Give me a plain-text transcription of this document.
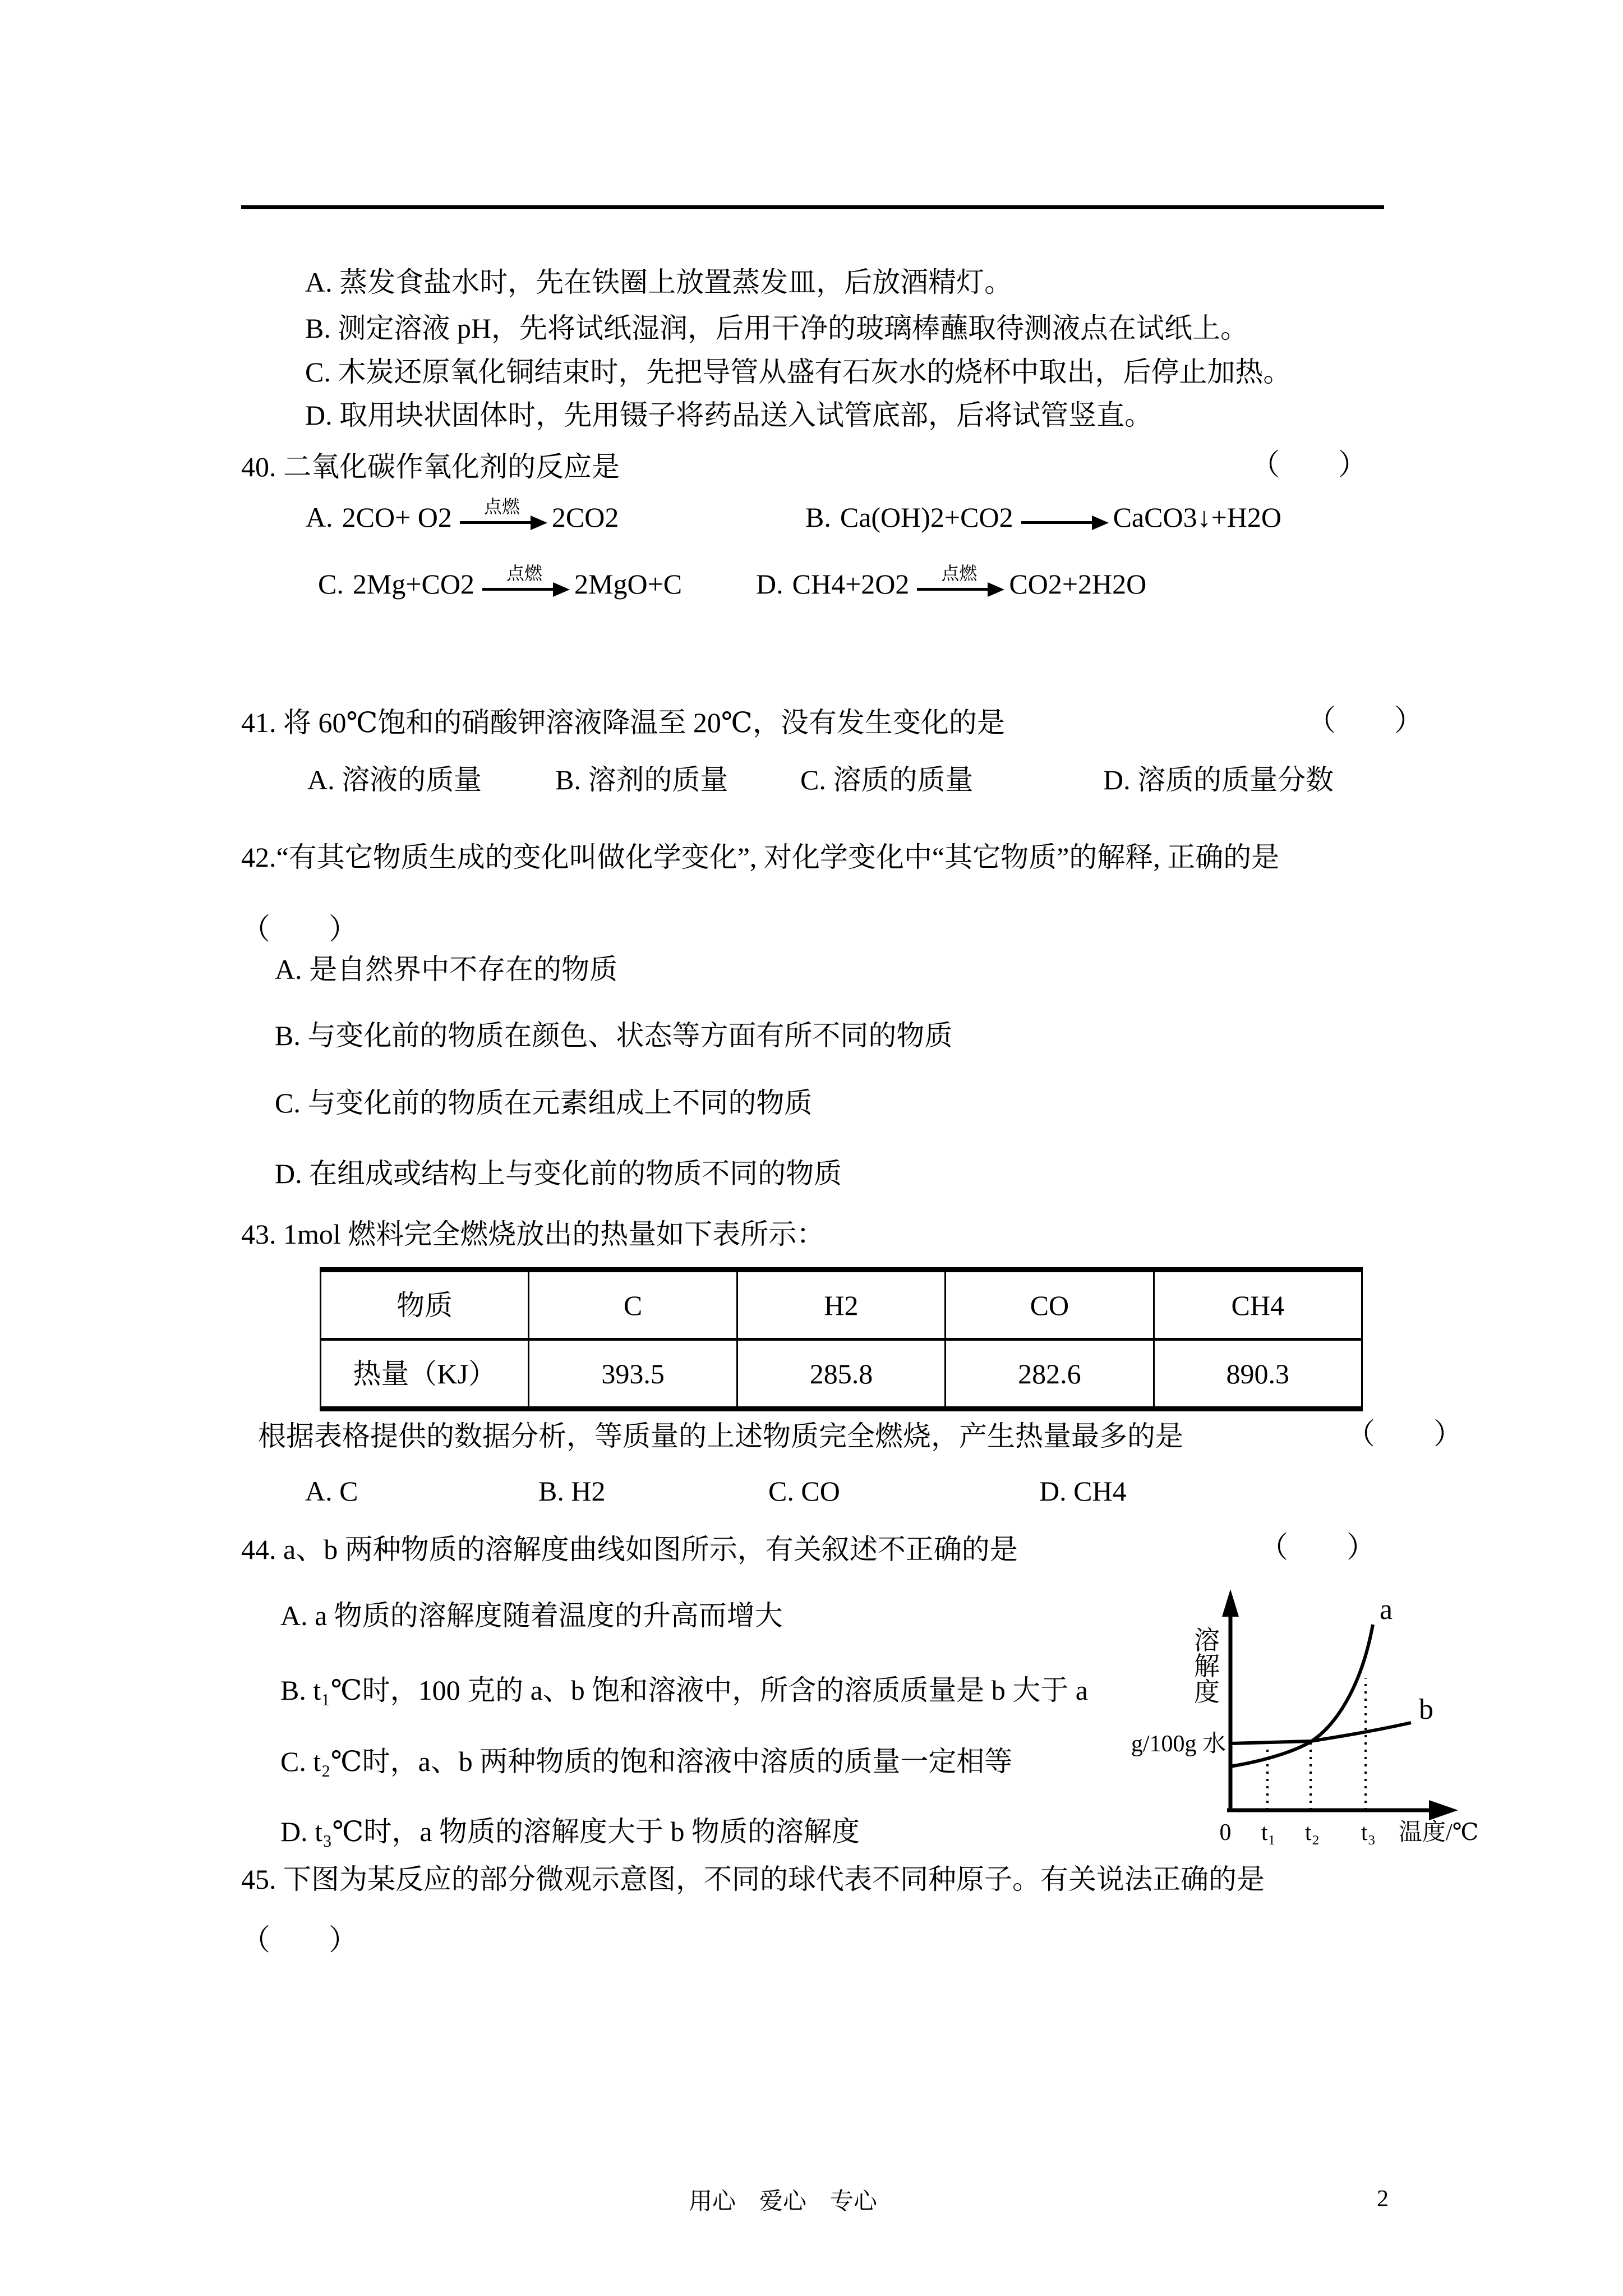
A. 蒸发食盐水时，先在铁圈上放置蒸发皿，后放酒精灯。
B. 测定溶液 pH，先将试纸湿润，后用干净的玻璃棒蘸取待测液点在试纸上。
C. 木炭还原氧化铜结束时，先把导管从盛有石灰水的烧杯中取出，后停止加热。
D. 取用块状固体时，先用镊子将药品送入试管底部，后将试管竖直。
40. 二氧化碳作氧化剂的反应是	（　　）
A. 2CO+ O2 点燃 2CO2	B. Ca(OH)2+CO2	CaCO3↓+H2O
C. 2Mg+CO2 点燃 2MgO+C	D. CH4+2O2 点燃 CO2+2H2O
41. 将 60℃饱和的硝酸钾溶液降温至 20℃，没有发生变化的是	（　　）
A. 溶液的质量	B. 溶剂的质量	C. 溶质的质量	D. 溶质的质量分数
42.“有其它物质生成的变化叫做化学变化”, 对化学变化中“其它物质”的解释, 正确的是
（　　）
A. 是自然界中不存在的物质
B. 与变化前的物质在颜色、状态等方面有所不同的物质
C. 与变化前的物质在元素组成上不同的物质
D. 在组成或结构上与变化前的物质不同的物质
43. 1mol 燃料完全燃烧放出的热量如下表所示：
物质	C	H2	CO	CH4
热量（KJ）	393.5	285.8	282.6	890.3
根据表格提供的数据分析，等质量的上述物质完全燃烧，产生热量最多的是	（　　）
A. C	B. H2	C. CO	D. CH4
44. a、b 两种物质的溶解度曲线如图所示，有关叙述不正确的是	（　　）
A. a 物质的溶解度随着温度的升高而增大
B. t₁℃时，100 克的 a、b 饱和溶液中，所含的溶质质量是 b 大于 a
C. t₂℃时，a、b 两种物质的饱和溶液中溶质的质量一定相等
D. t₃℃时，a 物质的溶解度大于 b 物质的溶解度
溶
解
度
g/100g 水
a
b
0 t₁ t₂ t₃ 温度/℃
45. 下图为某反应的部分微观示意图，不同的球代表不同种原子。有关说法正确的是
（　　）
用心　爱心　专心	2
